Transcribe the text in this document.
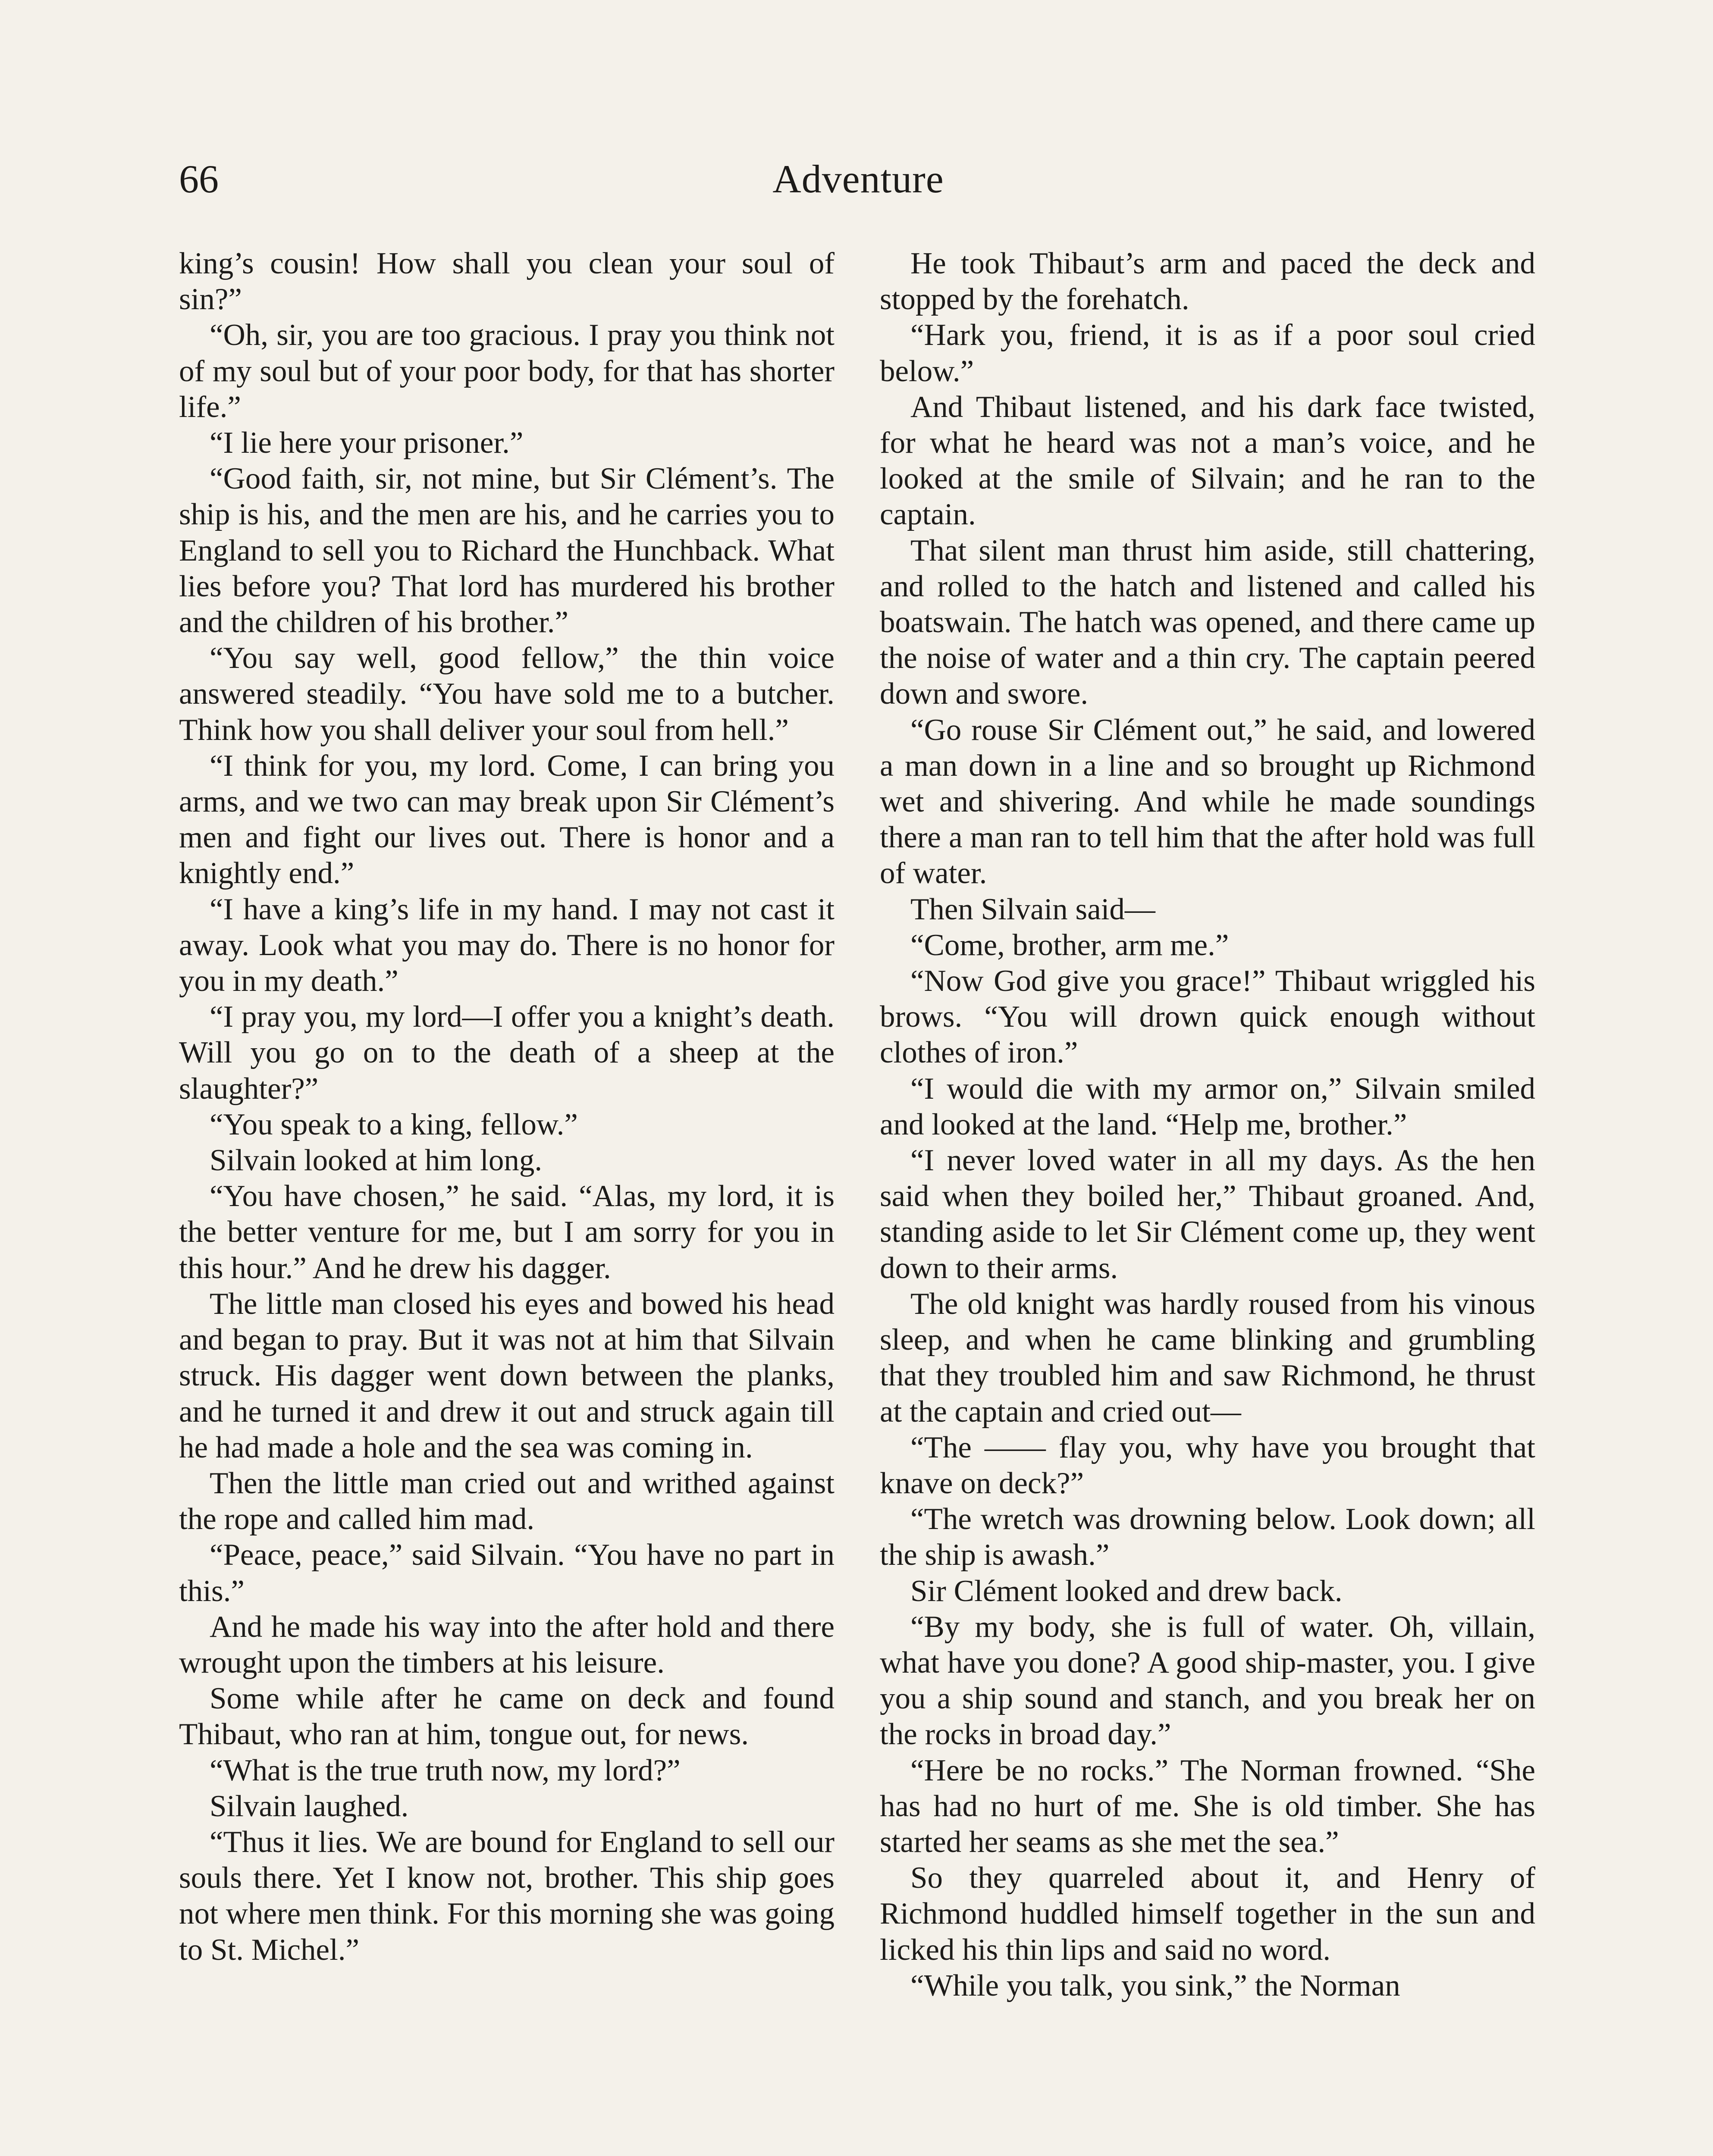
66	Adventure

king’s cousin! How shall you clean your soul of sin?”

“Oh, sir, you are too gracious. I pray you think not of my soul but of your poor body, for that has shorter life.”

“I lie here your prisoner.”

“Good faith, sir, not mine, but Sir Clément’s. The ship is his, and the men are his, and he carries you to England to sell you to Richard the Hunchback. What lies before you? That lord has murdered his brother and the children of his brother.”

“You say well, good fellow,” the thin voice answered steadily. “You have sold me to a butcher. Think how you shall deliver your soul from hell.”

“I think for you, my lord. Come, I can bring you arms, and we two can may break upon Sir Clément’s men and fight our lives out. There is honor and a knightly end.”

“I have a king’s life in my hand. I may not cast it away. Look what you may do. There is no honor for you in my death.”

“I pray you, my lord—I offer you a knight’s death. Will you go on to the death of a sheep at the slaughter?”

“You speak to a king, fellow.”

Silvain looked at him long.

“You have chosen,” he said. “Alas, my lord, it is the better venture for me, but I am sorry for you in this hour.” And he drew his dagger.

The little man closed his eyes and bowed his head and began to pray. But it was not at him that Silvain struck. His dagger went down between the planks, and he turned it and drew it out and struck again till he had made a hole and the sea was coming in.

Then the little man cried out and writhed against the rope and called him mad.

“Peace, peace,” said Silvain. “You have no part in this.”

And he made his way into the after hold and there wrought upon the timbers at his leisure.

Some while after he came on deck and found Thibaut, who ran at him, tongue out, for news.

“What is the true truth now, my lord?”

Silvain laughed.

“Thus it lies. We are bound for England to sell our souls there. Yet I know not, brother. This ship goes not where men think. For this morning she was going to St. Michel.”

He took Thibaut’s arm and paced the deck and stopped by the forehatch.

“Hark you, friend, it is as if a poor soul cried below.”

And Thibaut listened, and his dark face twisted, for what he heard was not a man’s voice, and he looked at the smile of Silvain; and he ran to the captain.

That silent man thrust him aside, still chattering, and rolled to the hatch and listened and called his boatswain. The hatch was opened, and there came up the noise of water and a thin cry. The captain peered down and swore.

“Go rouse Sir Clément out,” he said, and lowered a man down in a line and so brought up Richmond wet and shivering. And while he made soundings there a man ran to tell him that the after hold was full of water.

Then Silvain said—

“Come, brother, arm me.”

“Now God give you grace!” Thibaut wriggled his brows. “You will drown quick enough without clothes of iron.”

“I would die with my armor on,” Silvain smiled and looked at the land. “Help me, brother.”

“I never loved water in all my days. As the hen said when they boiled her,” Thibaut groaned. And, standing aside to let Sir Clément come up, they went down to their arms.

The old knight was hardly roused from his vinous sleep, and when he came blinking and grumbling that they troubled him and saw Richmond, he thrust at the captain and cried out—

“The —— flay you, why have you brought that knave on deck?”

“The wretch was drowning below. Look down; all the ship is awash.”

Sir Clément looked and drew back.

“By my body, she is full of water. Oh, villain, what have you done? A good ship-master, you. I give you a ship sound and stanch, and you break her on the rocks in broad day.”

“Here be no rocks.” The Norman frowned. “She has had no hurt of me. She is old timber. She has started her seams as she met the sea.”

So they quarreled about it, and Henry of Richmond huddled himself together in the sun and licked his thin lips and said no word.

“While you talk, you sink,” the Norman
